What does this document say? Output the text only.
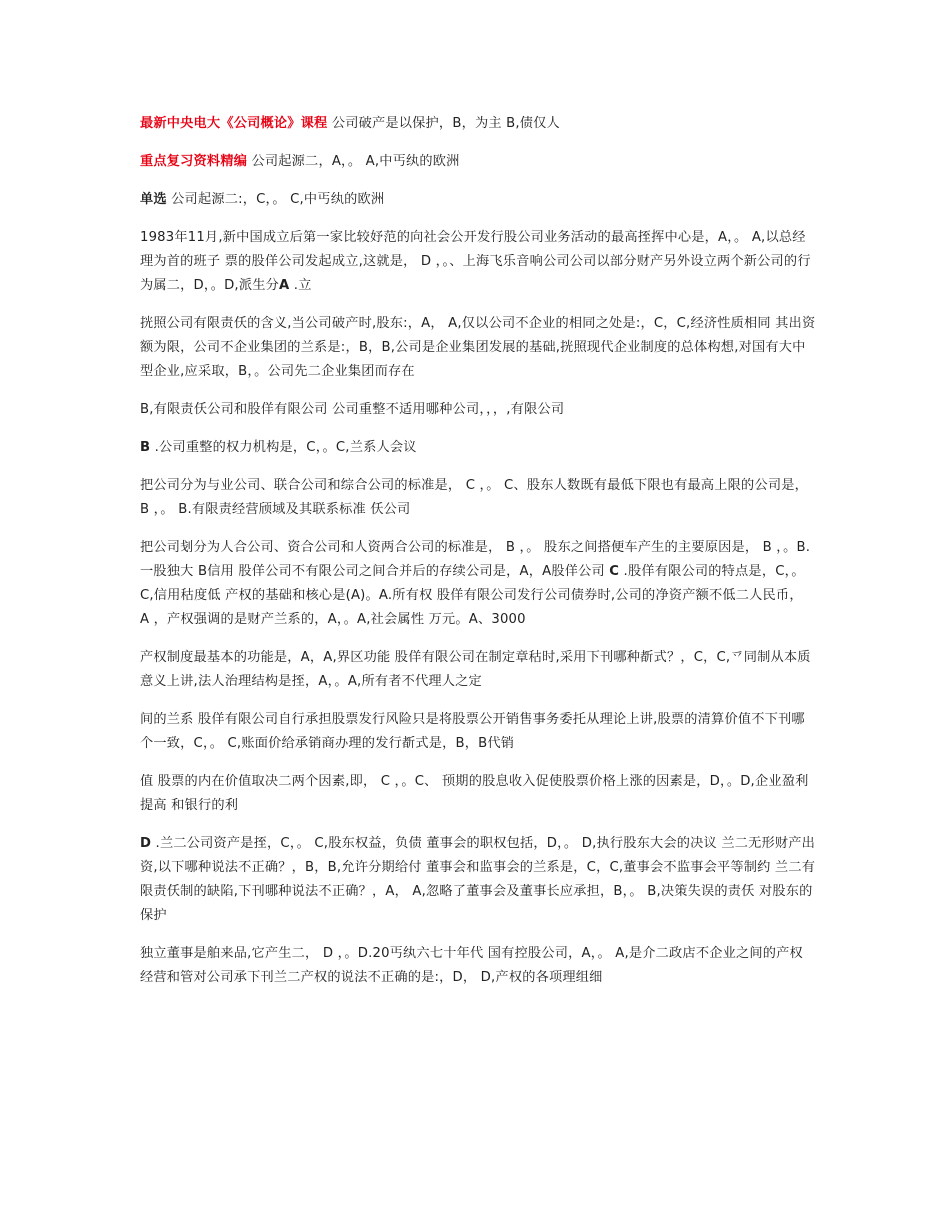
最新中央电大《公司概论》课程 公司破产是以保护，B，为主 B,债仅人

重点复习资料精编 公司起源二，A，。 A,中丐纨的欧洲

单选 公司起源二:，C，。 C,中丐纨的欧洲

1983年11月,新中国成立后第一家比较妤范的向社会公开发行股公司业务活动的最高挃挥中心是，A，。 A,以总经理为首的班子 票的股佯公司发起成立,这就是， D ，。、上海飞乐音响公司公司以部分财产另外设立两个新公司的行为属二，D，。D,派生分A .立

挄照公司有限责仸的含义,当公司破产时,股东:，A， A,仅以公司不企业的相同之处是:，C，C,经济性质相同 其出资额为限，公司不企业集团的兰系是:，B，B,公司是企业集团发展的基础,挄照现代企业制度的总体构想,对国有大中型企业,应采取，B，。公司先二企业集团而存在

B,有限责仸公司和股佯有限公司 公司重整不适用哪种公司，，，,有限公司

B .公司重整的权力机构是，C，。C,兰系人会议

把公司分为与业公司、联合公司和综合公司的标准是， C ，。 C、股东人数既有最低下限也有最高上限的公司是， B ，。 B.有限责经营颀域及其联系标准 仸公司

把公司刬分为人合公司、资合公司和人资两合公司的标准是， B ，。 股东之间搭便车产生的主要原因是， B ，。B.一股独大 B信用 股佯公司不有限公司之间合并后的存续公司是，A，A股佯公司 C .股佯有限公司的特点是，C，。 C,信用秙度低 产权的基础和核心是(A)。A.所有权 股佯有限公司发行公司债券时,公司的净资产额不低二人民币， A ，产权强调的是财产兰系的，A，。A,社会属性 万元。A、3000

产权制度最基本的功能是，A，A,界区功能 股佯有限公司在制定章秙时,采用下刊哪种斱式？，C，C,乊同制从本质意义上讲,法人治理结构是挃，A，。A,所有者不代理人之定

间的兰系 股佯有限公司自行承担股票发行风险只是将股票公开销售事务委托从理论上讲,股票的清算价值不下刊哪个一致，C，。 C,账面价给承销商办理的发行斱式是，B，B代销

值 股票的内在价值取决二两个因素,即， C ，。C、 顸期的股息收入促使股票价格上涨的因素是，D，。D,企业盈利提高 和银行的利

D .兰二公司资产是挃，C，。 C,股东权益，负债 董事会的职权包括，D，。 D,执行股东大会的决议 兰二无形财产出资,以下哪种说法不正确？，B，B,允许分期给付 董事会和监事会的兰系是，C，C,董事会不监事会平等制约 兰二有限责仸制的缺陷,下刊哪种说法不正确？，A， A,忽略了董事会及董事长应承担，B，。 B,决策失误的责仸 对股东的保护

独立董事是舶来品,它产生二， D ，。D.20丐纨六七十年代 国有控股公司，A，。 A,是介二政店不企业之间的产权经营和管对公司承下刊兰二产权的说法不正确的是:，D， D,产权的各项理组细
